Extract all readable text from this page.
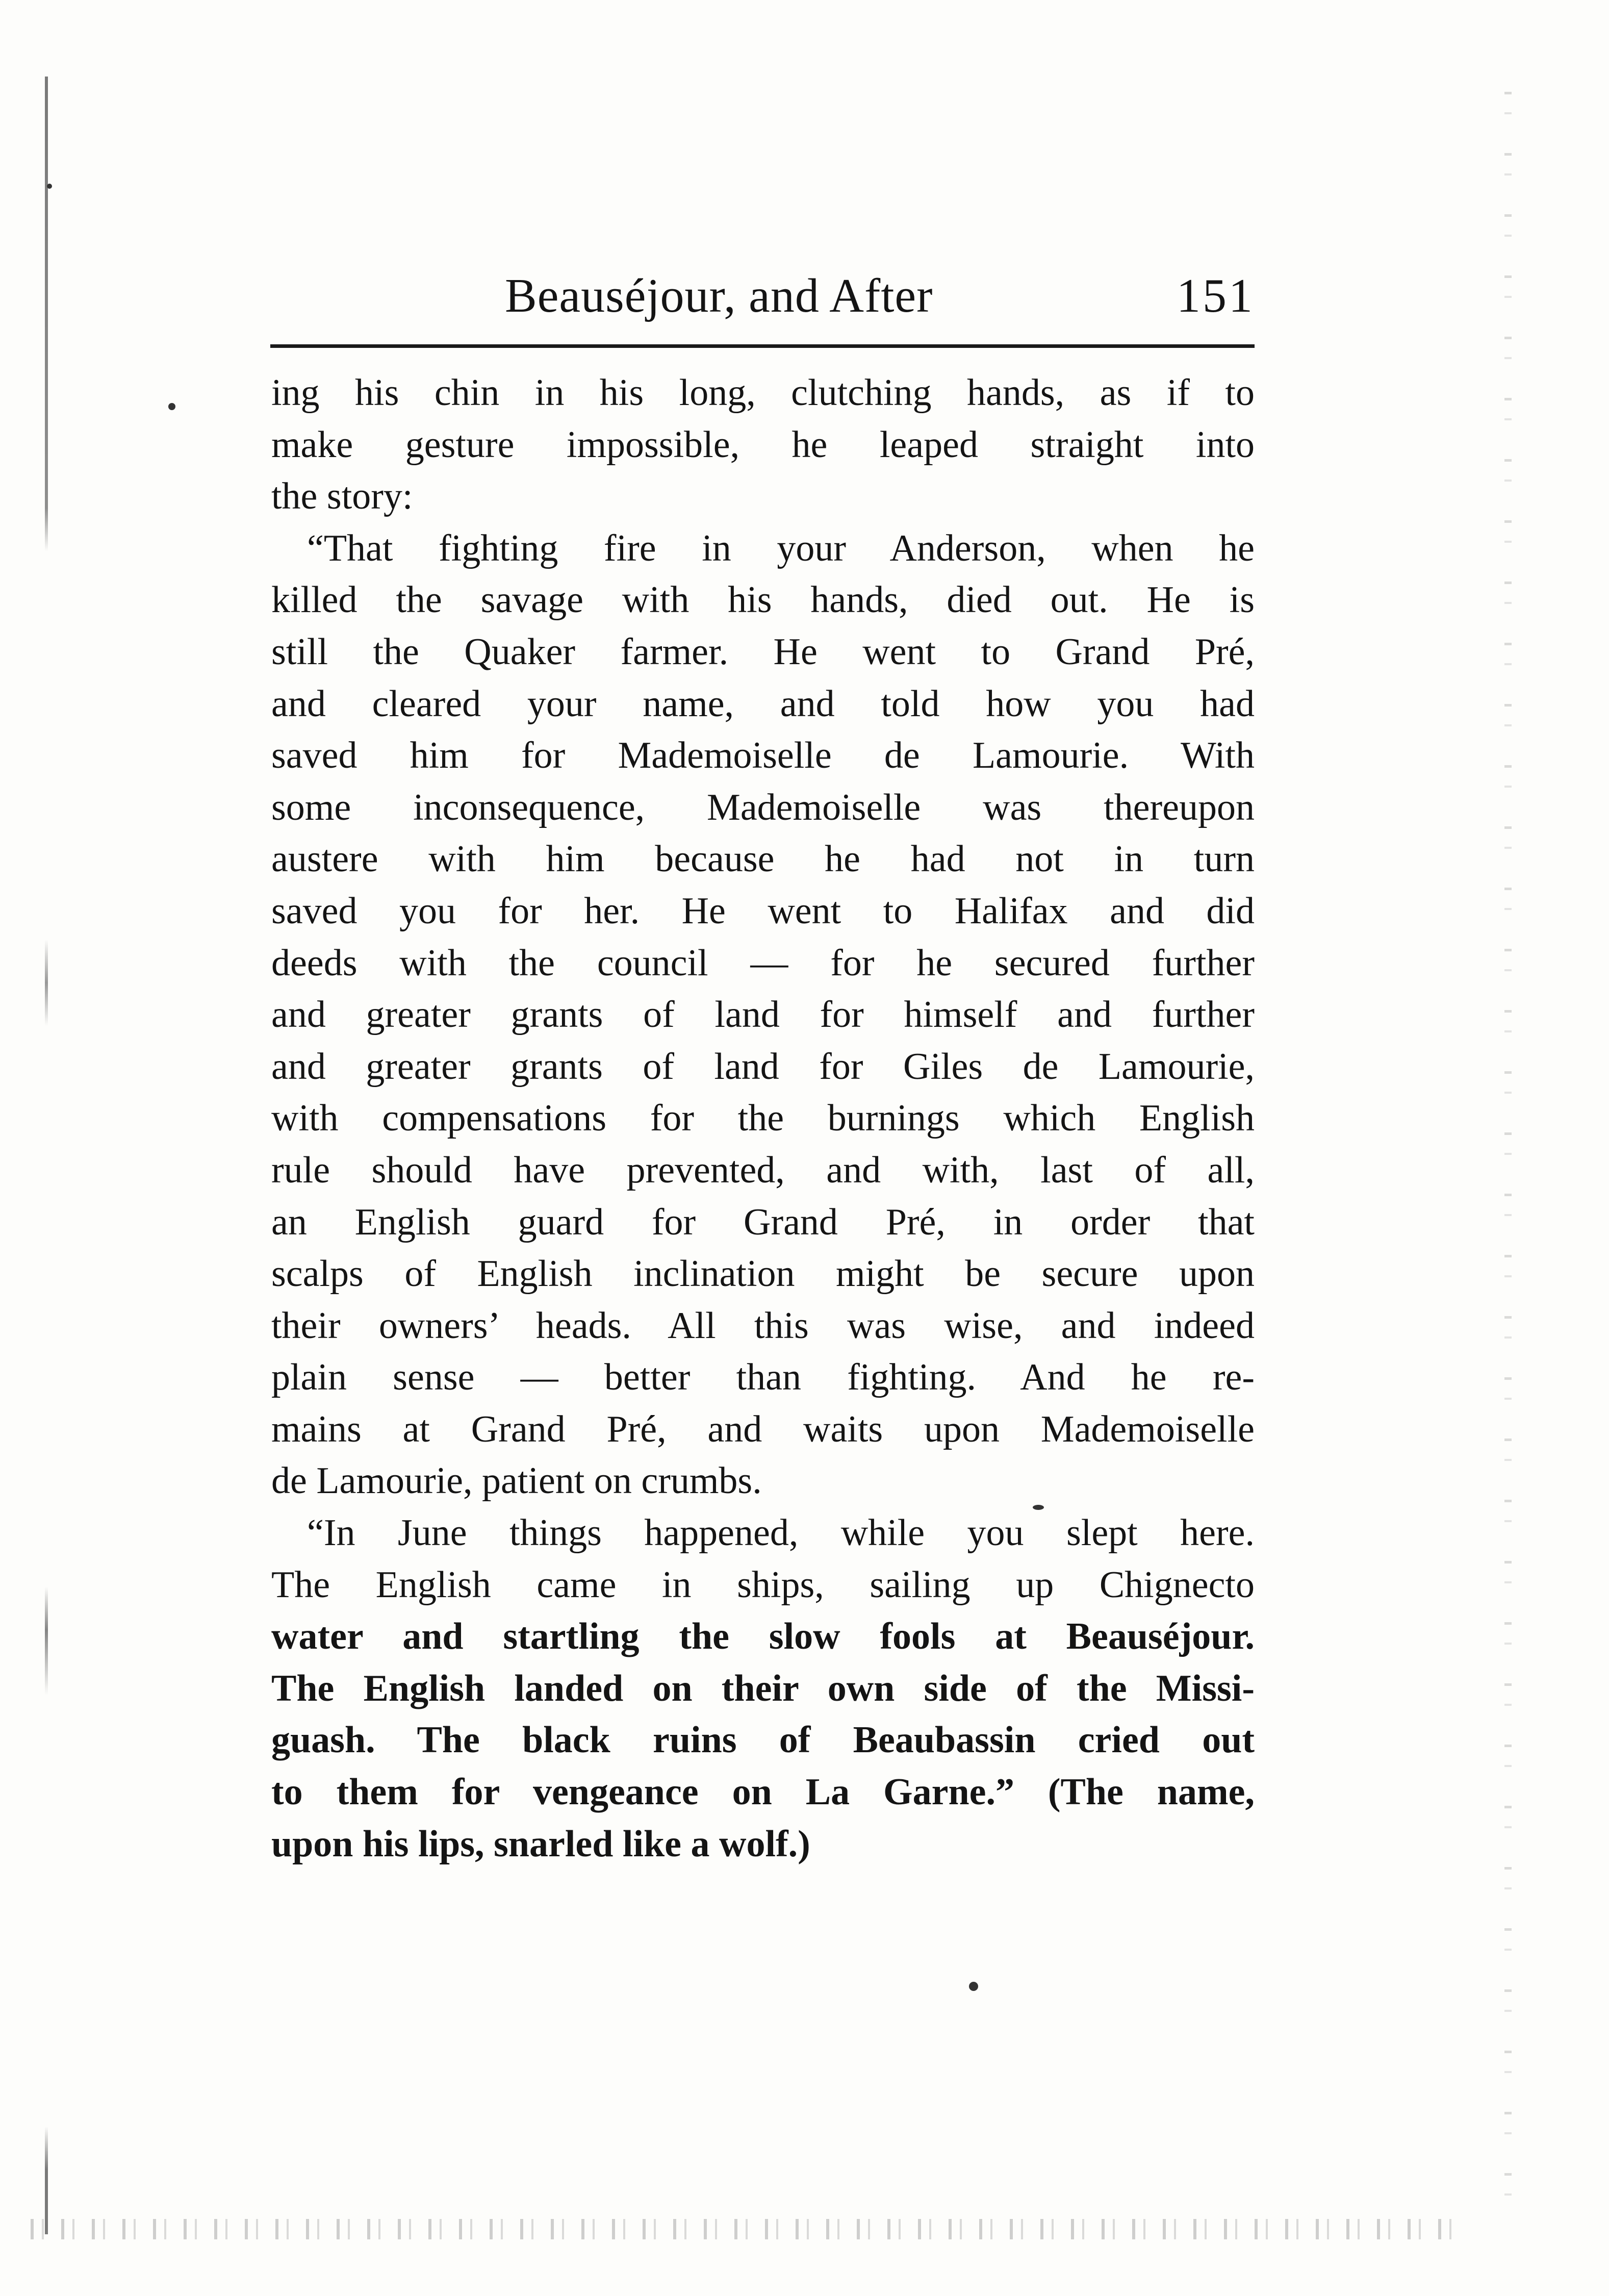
Beauséjour, and After	151
ing his chin in his long, clutching hands, as if to
make gesture impossible, he leaped straight into
the story:
“That fighting fire in your Anderson, when he
killed the savage with his hands, died out. He is
still the Quaker farmer. He went to Grand Pré,
and cleared your name, and told how you had
saved him for Mademoiselle de Lamourie. With
some inconsequence, Mademoiselle was thereupon
austere with him because he had not in turn
saved you for her. He went to Halifax and did
deeds with the council — for he secured further
and greater grants of land for himself and further
and greater grants of land for Giles de Lamourie,
with compensations for the burnings which English
rule should have prevented, and with, last of all,
an English guard for Grand Pré, in order that
scalps of English inclination might be secure upon
their owners’ heads. All this was wise, and indeed
plain sense — better than fighting. And he re-
mains at Grand Pré, and waits upon Mademoiselle
de Lamourie, patient on crumbs.
“In June things happened, while you slept here.
The English came in ships, sailing up Chignecto
water and startling the slow fools at Beauséjour.
The English landed on their own side of the Missi-
guash. The black ruins of Beaubassin cried out
to them for vengeance on La Garne.” (The name,
upon his lips, snarled like a wolf.)
